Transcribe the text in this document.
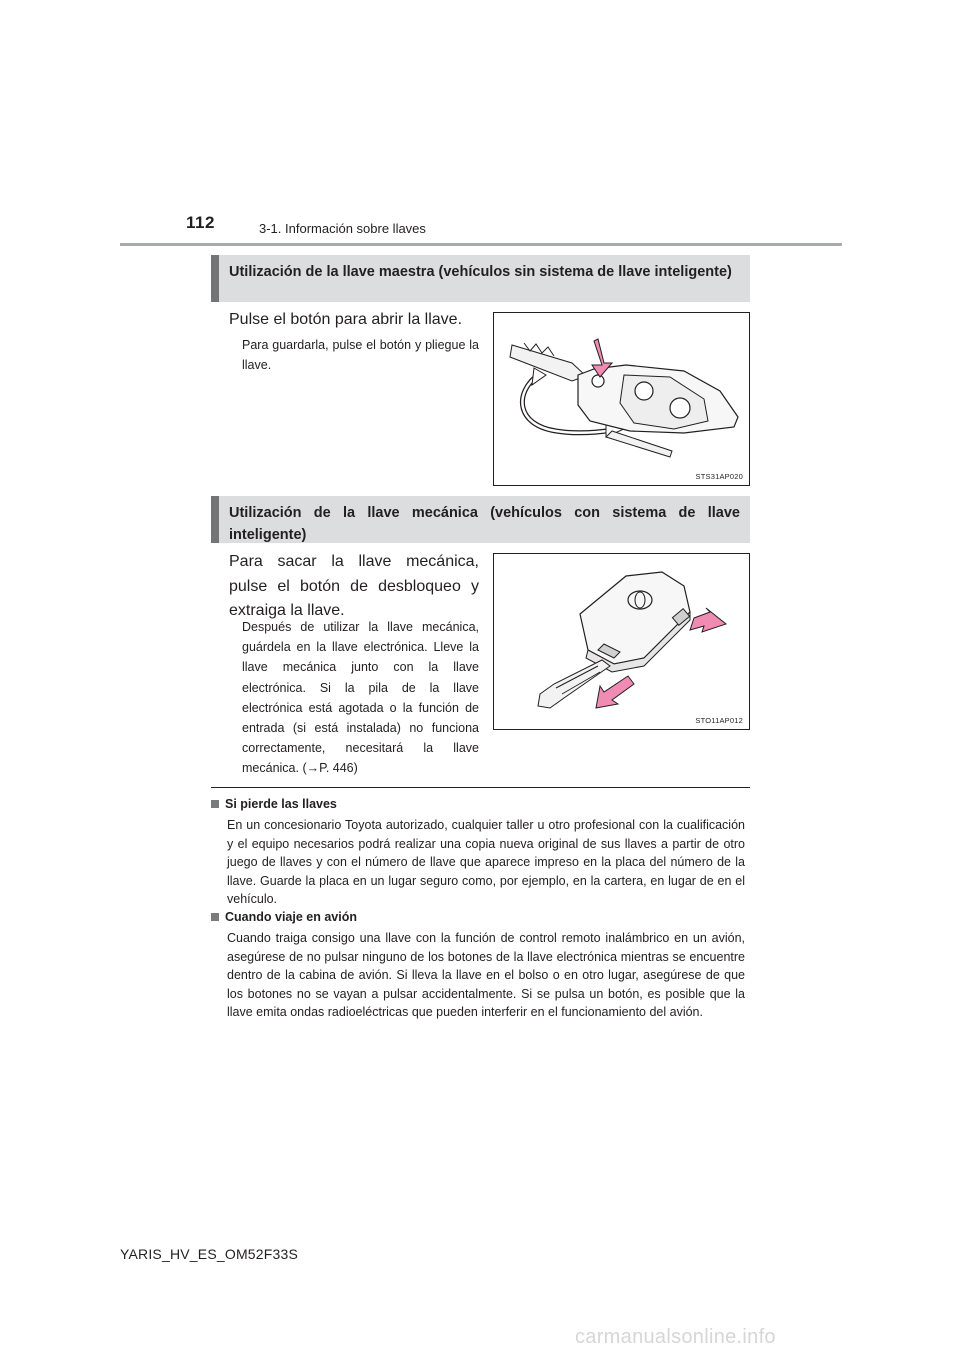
112	3-1. Información sobre llaves
Utilización de la llave maestra (vehículos sin sistema de llave inteligente)
Pulse el botón para abrir la llave.
Para guardarla, pulse el botón y pliegue la llave.
STS31AP020
Utilización de la llave mecánica (vehículos con sistema de llave inteligente)
Para sacar la llave mecánica, pulse el botón de desbloqueo y extraiga la llave.
Después de utilizar la llave mecánica, guárdela en la llave electrónica. Lleve la llave mecánica junto con la llave electrónica. Si la pila de la llave electrónica está agotada o la función de entrada (si está instalada) no funciona correctamente, necesitará la llave mecánica. (→P. 446)
STO11AP012
Si pierde las llaves
En un concesionario Toyota autorizado, cualquier taller u otro profesional con la cualificación y el equipo necesarios podrá realizar una copia nueva original de sus llaves a partir de otro juego de llaves y con el número de llave que aparece impreso en la placa del número de la llave. Guarde la placa en un lugar seguro como, por ejemplo, en la cartera, en lugar de en el vehículo.
Cuando viaje en avión
Cuando traiga consigo una llave con la función de control remoto inalámbrico en un avión, asegúrese de no pulsar ninguno de los botones de la llave electrónica mientras se encuentre dentro de la cabina de avión. Si lleva la llave en el bolso o en otro lugar, asegúrese de que los botones no se vayan a pulsar accidentalmente. Si se pulsa un botón, es posible que la llave emita ondas radioeléctricas que pueden interferir en el funcionamiento del avión.
YARIS_HV_ES_OM52F33S
carmanualsonline.info
